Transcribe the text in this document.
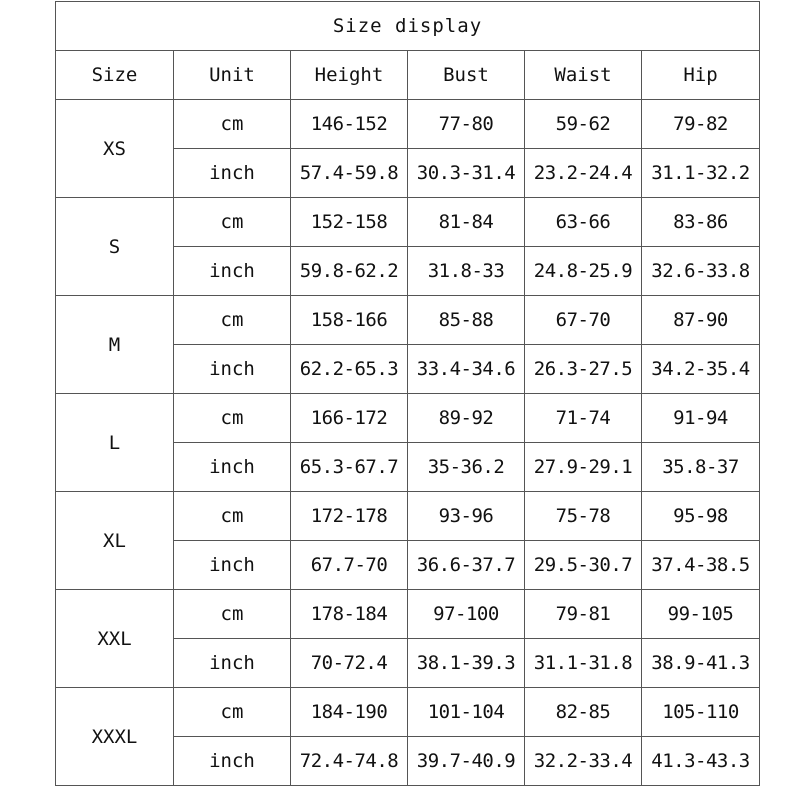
Size display					
Size	Unit	Height	Bust	Waist	Hip
XS	cm	146-152	77-80	59-62	79-82
	inch	57.4-59.8	30.3-31.4	23.2-24.4	31.1-32.2
S	cm	152-158	81-84	63-66	83-86
	inch	59.8-62.2	31.8-33	24.8-25.9	32.6-33.8
M	cm	158-166	85-88	67-70	87-90
	inch	62.2-65.3	33.4-34.6	26.3-27.5	34.2-35.4
L	cm	166-172	89-92	71-74	91-94
	inch	65.3-67.7	35-36.2	27.9-29.1	35.8-37
XL	cm	172-178	93-96	75-78	95-98
	inch	67.7-70	36.6-37.7	29.5-30.7	37.4-38.5
XXL	cm	178-184	97-100	79-81	99-105
	inch	70-72.4	38.1-39.3	31.1-31.8	38.9-41.3
XXXL	cm	184-190	101-104	82-85	105-110
	inch	72.4-74.8	39.7-40.9	32.2-33.4	41.3-43.3
